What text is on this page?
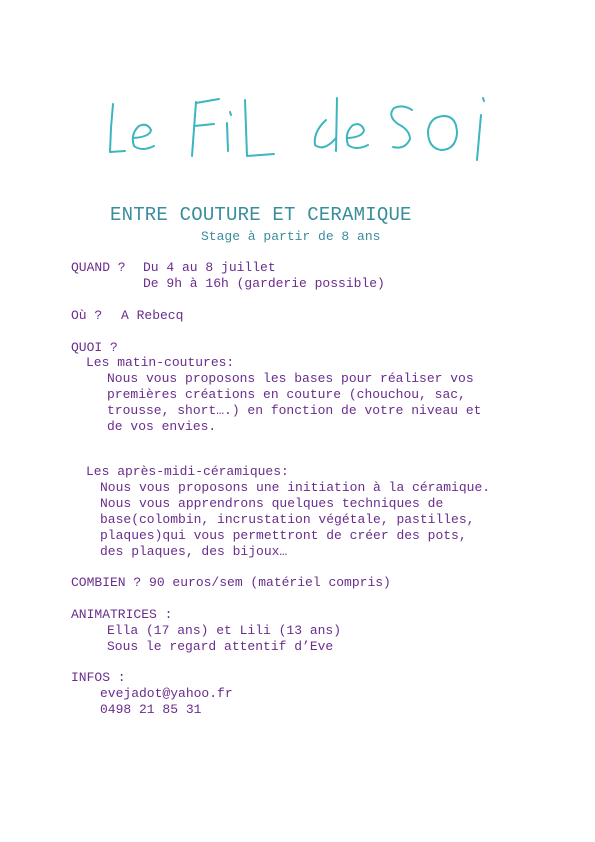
ENTRE COUTURE ET CERAMIQUE
Stage à partir de 8 ans
QUAND ? Du 4 au 8 juillet
De 9h à 16h (garderie possible)
Où ? A Rebecq
QUOI ?
Les matin-coutures:
Nous vous proposons les bases pour réaliser vos
premières créations en couture (chouchou, sac,
trousse, short….) en fonction de votre niveau et
de vos envies.
Les après-midi-céramiques:
Nous vous proposons une initiation à la céramique.
Nous vous apprendrons quelques techniques de
base(colombin, incrustation végétale, pastilles,
plaques)qui vous permettront de créer des pots,
des plaques, des bijoux…
COMBIEN ? 90 euros/sem (matériel compris)
ANIMATRICES :
Ella (17 ans) et Lili (13 ans)
Sous le regard attentif d’Eve
INFOS :
evejadot@yahoo.fr
0498 21 85 31
